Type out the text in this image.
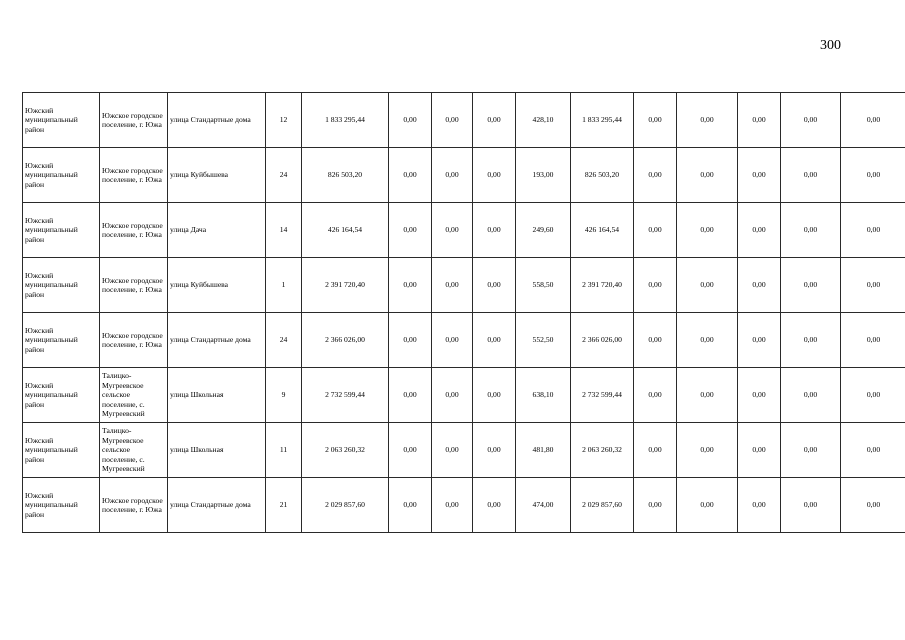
300
Южский муниципальный район	Южское городское поселение, г. Южа	улица Стандартные дома	12	1 833 295,44	0,00	0,00	0,00	428,10	1 833 295,44	0,00	0,00	0,00	0,00	0,00
Южский муниципальный район	Южское городское поселение, г. Южа	улица Куйбышева	24	826 503,20	0,00	0,00	0,00	193,00	826 503,20	0,00	0,00	0,00	0,00	0,00
Южский муниципальный район	Южское городское поселение, г. Южа	улица Дача	14	426 164,54	0,00	0,00	0,00	249,60	426 164,54	0,00	0,00	0,00	0,00	0,00
Южский муниципальный район	Южское городское поселение, г. Южа	улица Куйбышева	1	2 391 720,40	0,00	0,00	0,00	558,50	2 391 720,40	0,00	0,00	0,00	0,00	0,00
Южский муниципальный район	Южское городское поселение, г. Южа	улица Стандартные дома	24	2 366 026,00	0,00	0,00	0,00	552,50	2 366 026,00	0,00	0,00	0,00	0,00	0,00
Южский муниципальный район	Талицко-Мугреевское сельское поселение, с. Мугреевский	улица Школьная	9	2 732 599,44	0,00	0,00	0,00	638,10	2 732 599,44	0,00	0,00	0,00	0,00	0,00
Южский муниципальный район	Талицко-Мугреевское сельское поселение, с. Мугреевский	улица Школьная	11	2 063 260,32	0,00	0,00	0,00	481,80	2 063 260,32	0,00	0,00	0,00	0,00	0,00
Южский муниципальный район	Южское городское поселение, г. Южа	улица Стандартные дома	21	2 029 857,60	0,00	0,00	0,00	474,00	2 029 857,60	0,00	0,00	0,00	0,00	0,00
